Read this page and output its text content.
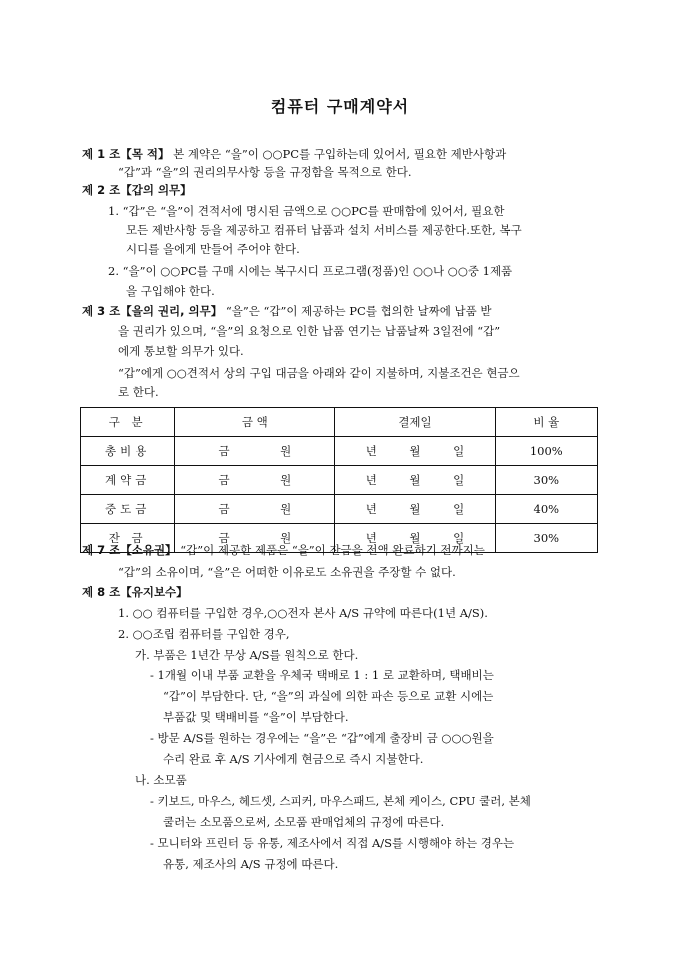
컴퓨터 구매계약서
제 1 조【목 적】 본 계약은 “을”이 ○○PC를 구입하는데 있어서, 필요한 제반사항과
“갑”과 “을”의 권리의무사항 등을 규정함을 목적으로 한다.
제 2 조【갑의 의무】
1. “갑”은 “을”이 견적서에 명시된 금액으로 ○○PC를 판매함에 있어서, 필요한
모든 제반사항 등을 제공하고 컴퓨터 납품과 설치 서비스를 제공한다.또한, 복구
시디를 을에게 만들어 주어야 한다.
2. “을”이 ○○PC를 구매 시에는 복구시디 프로그램(정품)인 ○○나 ○○중 1제품
을 구입해야 한다.
제 3 조【을의 권리, 의무】 “을”은 “갑”이 제공하는 PC를 협의한 날짜에 납품 받
을 권리가 있으며, “을”의 요청으로 인한 납품 연기는 납품날짜 3일전에 “갑”
에게 통보할 의무가 있다.
“갑”에게 ○○견적서 상의 구입 대금을 아래와 같이 지불하며, 지불조건은 현금으
로 한다.
구 분	금 액	결제일	비 율
총비용	금 원	년 월 일	100%
계약금	금 원	년 월 일	30%
중도금	금 원	년 월 일	40%
잔 금	금 원	년 월 일	30%
제 7 조【소유권】 “갑”이 제공한 제품은 “을”이 잔금을 전액 완료하기 전까지는
“갑”의 소유이며, “을”은 어떠한 이유로도 소유권을 주장할 수 없다.
제 8 조【유지보수】
1. ○○ 컴퓨터를 구입한 경우,○○전자 본사 A/S 규약에 따른다(1년 A/S).
2. ○○조립 컴퓨터를 구입한 경우,
가. 부품은 1년간 무상 A/S를 원칙으로 한다.
- 1개월 이내 부품 교환을 우체국 택배로 1 : 1 로 교환하며, 택배비는
“갑”이 부담한다. 단, “을”의 과실에 의한 파손 등으로 교환 시에는
부품값 및 택배비를 “을”이 부담한다.
- 방문 A/S를 원하는 경우에는 “을”은 “갑”에게 출장비 금 ○○○원을
수리 완료 후 A/S 기사에게 현금으로 즉시 지불한다.
나. 소모품
- 키보드, 마우스, 헤드셋, 스피커, 마우스패드, 본체 케이스, CPU 쿨러, 본체
쿨러는 소모품으로써, 소모품 판매업체의 규정에 따른다.
- 모니터와 프린터 등 유통, 제조사에서 직접 A/S를 시행해야 하는 경우는
유통, 제조사의 A/S 규정에 따른다.
